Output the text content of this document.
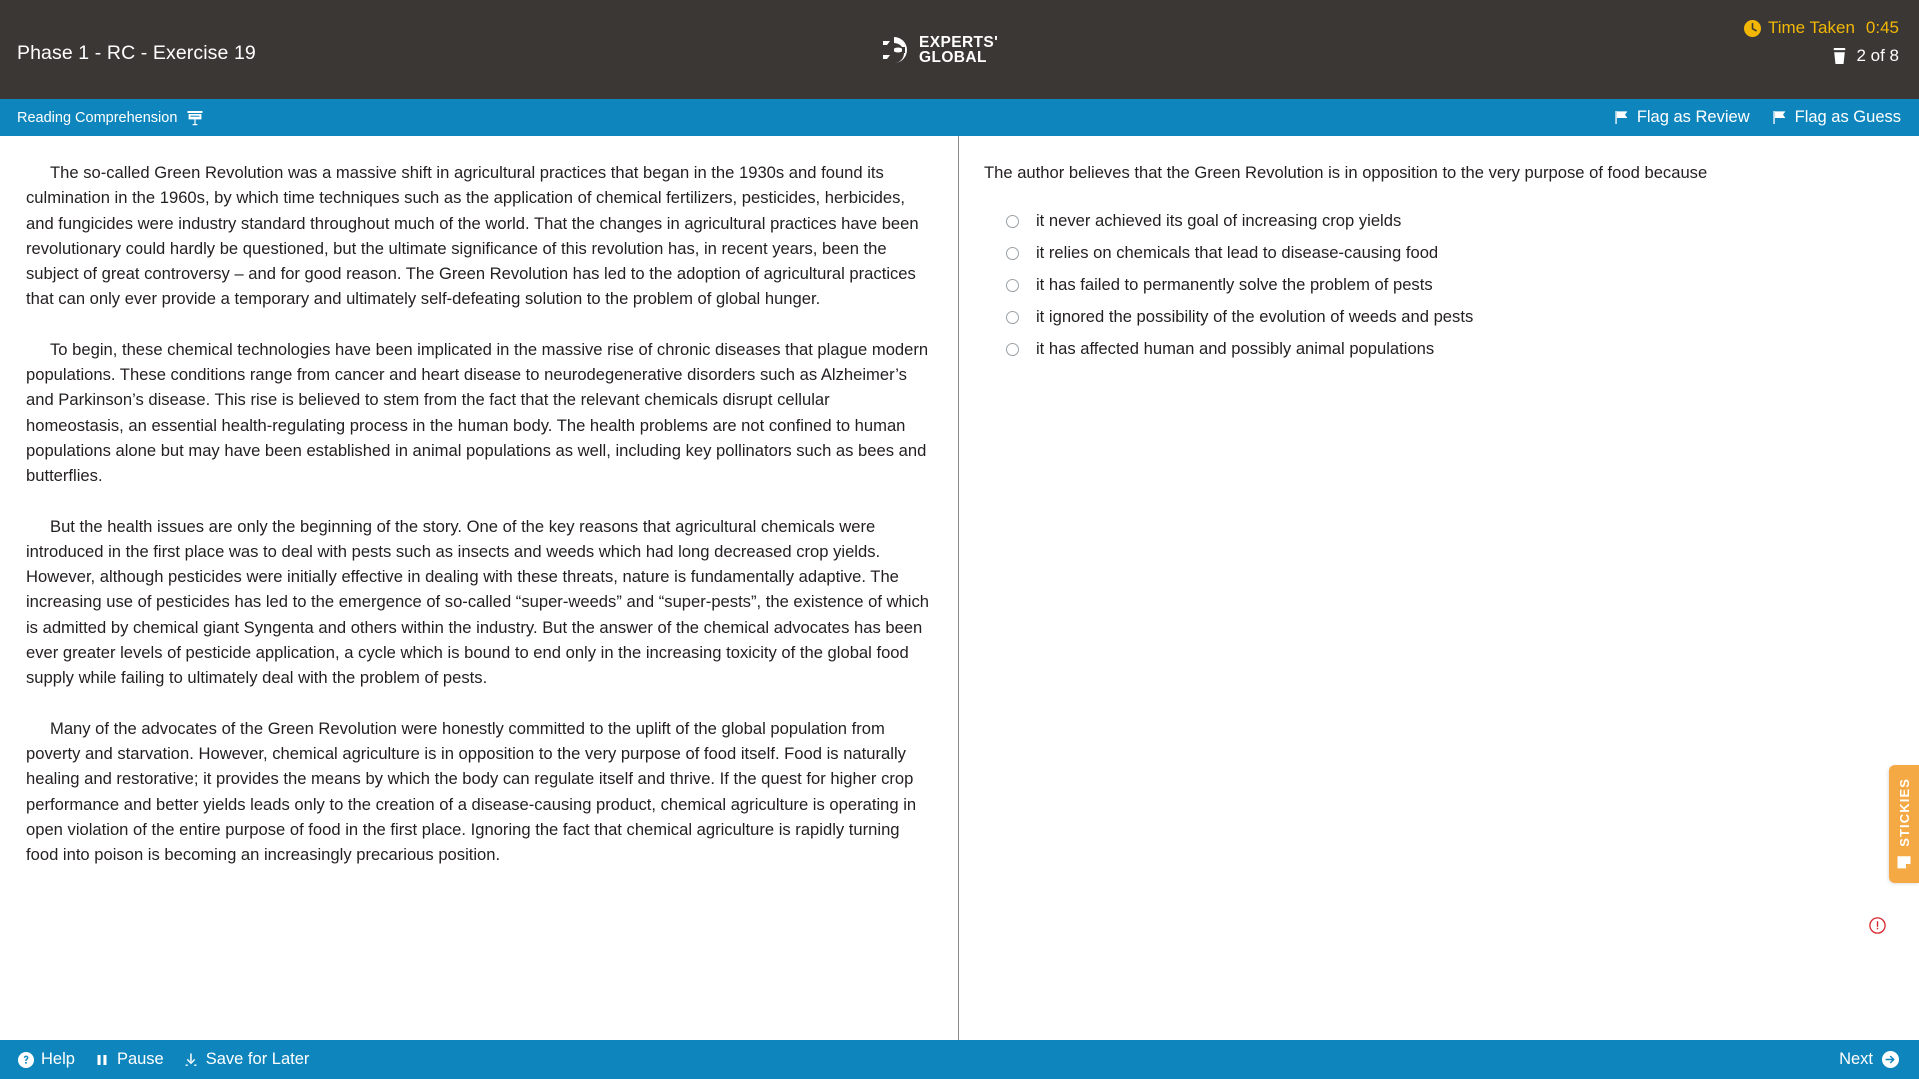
Phase 1 - RC - Exercise 19	EXPERTS'
GLOBAL
Time Taken 0:45
2 of 8
Reading Comprehension	Flag as Review	Flag as Guess

The so-called Green Revolution was a massive shift in agricultural practices that began in the 1930s and found its culmination in the 1960s, by which time techniques such as the application of chemical fertilizers, pesticides, herbicides, and fungicides were industry standard throughout much of the world. That the changes in agricultural practices have been revolutionary could hardly be questioned, but the ultimate significance of this revolution has, in recent years, been the subject of great controversy – and for good reason. The Green Revolution has led to the adoption of agricultural practices that can only ever provide a temporary and ultimately self-defeating solution to the problem of global hunger.

To begin, these chemical technologies have been implicated in the massive rise of chronic diseases that plague modern populations. These conditions range from cancer and heart disease to neurodegenerative disorders such as Alzheimer’s and Parkinson’s disease. This rise is believed to stem from the fact that the relevant chemicals disrupt cellular homeostasis, an essential health-regulating process in the human body. The health problems are not confined to human populations alone but may have been established in animal populations as well, including key pollinators such as bees and butterflies.

But the health issues are only the beginning of the story. One of the key reasons that agricultural chemicals were introduced in the first place was to deal with pests such as insects and weeds which had long decreased crop yields. However, although pesticides were initially effective in dealing with these threats, nature is fundamentally adaptive. The increasing use of pesticides has led to the emergence of so-called “super-weeds” and “super-pests”, the existence of which is admitted by chemical giant Syngenta and others within the industry. But the answer of the chemical advocates has been ever greater levels of pesticide application, a cycle which is bound to end only in the increasing toxicity of the global food supply while failing to ultimately deal with the problem of pests.

Many of the advocates of the Green Revolution were honestly committed to the uplift of the global population from poverty and starvation. However, chemical agriculture is in opposition to the very purpose of food itself. Food is naturally healing and restorative; it provides the means by which the body can regulate itself and thrive. If the quest for higher crop performance and better yields leads only to the creation of a disease-causing product, chemical agriculture is operating in open violation of the entire purpose of food in the first place. Ignoring the fact that chemical agriculture is rapidly turning food into poison is becoming an increasingly precarious position.

The author believes that the Green Revolution is in opposition to the very purpose of food because
it never achieved its goal of increasing crop yields
it relies on chemicals that lead to disease-causing food
it has failed to permanently solve the problem of pests
it ignored the possibility of the evolution of weeds and pests
it has affected human and possibly animal populations
STICKIES
Help	Pause	Save for Later	Next
